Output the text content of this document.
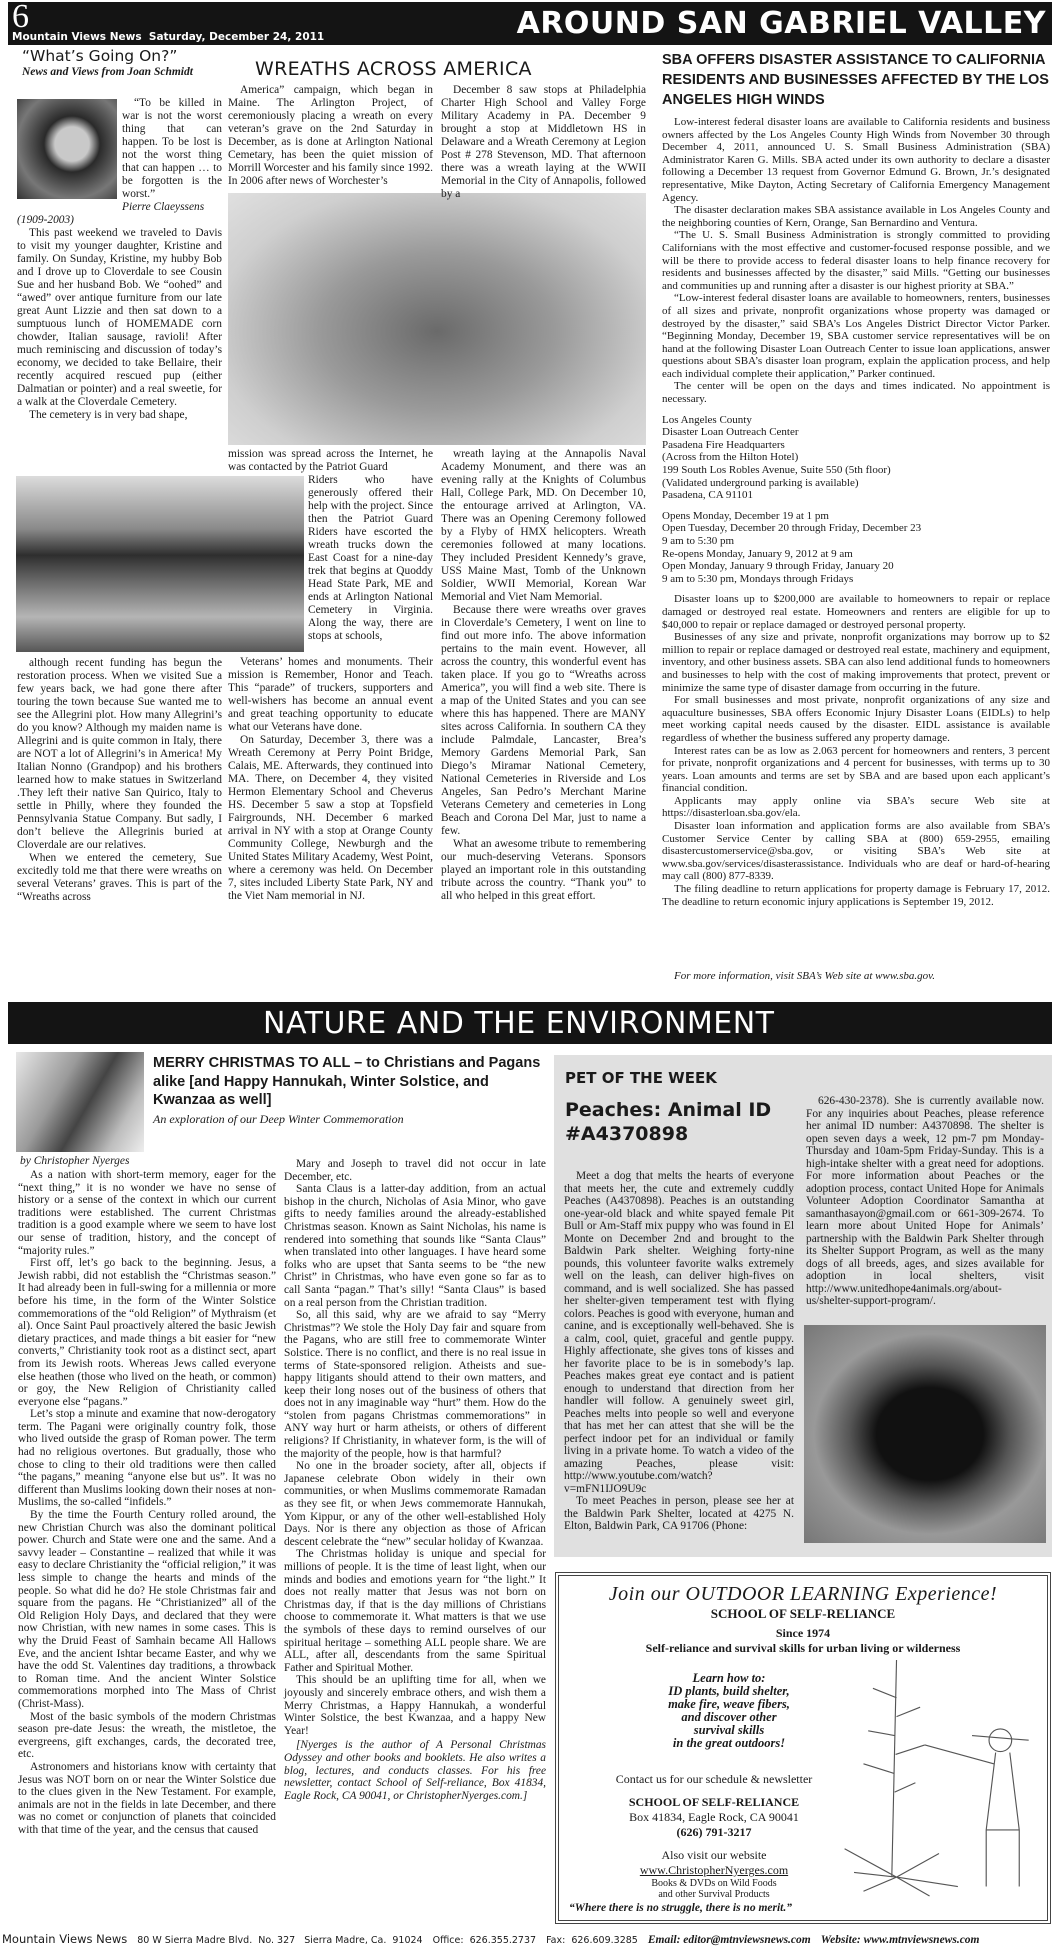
6
Mountain Views News  Saturday, December 24, 2011	AROUND SAN GABRIEL VALLEY
“What’s Going On?”
News and Views from Joan Schmidt

“To be killed in war is not the worst thing that can happen. To be lost is not the worst thing that can happen … to be forgotten is the worst.”

Pierre Claeyssens

(1909-2003)

This past weekend we traveled to Davis to visit my younger daughter, Kristine and family. On Sunday, Kristine, my hubby Bob and I drove up to Cloverdale to see Cousin Sue and her husband Bob. We “oohed” and “awed” over antique furniture from our late great Aunt Lizzie and then sat down to a sumptuous lunch of HOMEMADE corn chowder, Italian sausage, ravioli! After much reminiscing and discussion of today’s economy, we decided to take Bellaire, their recently acquired rescued pup (either Dalmatian or pointer) and a real sweetie, for a walk at the Cloverdale Cemetery.

The cemetery is in very bad shape,

although recent funding has begun the restoration process. When we visited Sue a few years back, we had gone there after touring the town because Sue wanted me to see the Allegrini plot. How many Allegrini’s do you know? Although my maiden name is Allegrini and is quite common in Italy, there are NOT a lot of Allegrini’s in America! My Italian Nonno (Grandpop) and his brothers learned how to make statues in Switzerland .They left their native San Quirico, Italy to settle in Philly, where they founded the Pennsylvania Statue Company. But sadly, I don’t believe the Allegrinis buried at Cloverdale are our relatives.

When we entered the cemetery, Sue excitedly told me that there were wreaths on several Veterans’ graves. This is part of the “Wreaths across

WREATHS ACROSS AMERICA

America” campaign, which began in Maine. The Arlington Project, of ceremoniously placing a wreath on every veteran’s grave on the 2nd Saturday in December, as is done at Arlington National Cemetary, has been the quiet mission of Morrill Worcester and his family since 1992. In 2006 after news of Worchester’s

mission was spread across the Internet, he was contacted by the Patriot Guard

Riders who have generously offered their help with the project. Since then the Patriot Guard Riders have escorted the wreath trucks down the East Coast for a nine-day trek that begins at Quoddy Head State Park, ME and ends at Arlington National Cemetery in Virginia. Along the way, there are stops at schools,

Veterans’ homes and monuments. Their mission is Remember, Honor and Teach. This “parade” of truckers, supporters and well-wishers has become an annual event and great teaching opportunity to educate what our Veterans have done.

On Saturday, December 3, there was a Wreath Ceremony at Perry Point Bridge, Calais, ME. Afterwards, they continued into MA. There, on December 4, they visited Hermon Elementary School and Cheverus HS. December 5 saw a stop at Topsfield Fairgrounds, NH. December 6 marked arrival in NY with a stop at Orange County Community College, Newburgh and the United States Military Academy, West Point, where a ceremony was held. On December 7, sites included Liberty State Park, NY and the Viet Nam memorial in NJ.

December 8 saw stops at Philadelphia Charter High School and Valley Forge Military Academy in PA. December 9 brought a stop at Middletown HS in Delaware and a Wreath Ceremony at Legion Post # 278 Stevenson, MD. That afternoon there was a wreath laying at the WWII Memorial in the City of Annapolis, followed by a

wreath laying at the Annapolis Naval Academy Monument, and there was an evening rally at the Knights of Columbus Hall, College Park, MD. On December 10, the entourage arrived at Arlington, VA. There was an Opening Ceremony followed by a Flyby of HMX helicopters. Wreath ceremonies followed at many locations. They included President Kennedy’s grave, USS Maine Mast, Tomb of the Unknown Soldier, WWII Memorial, Korean War Memorial and Viet Nam Memorial.

Because there were wreaths over graves in Cloverdale’s Cemetery, I went on line to find out more info. The above information pertains to the main event. However, all across the country, this wonderful event has taken place. If you go to “Wreaths across America”, you will find a web site. There is a map of the United States and you can see where this has happened. There are MANY sites across California. In southern CA they include Palmdale, Lancaster, Brea’s Memory Gardens Memorial Park, San Diego’s Miramar National Cemetery, National Cemeteries in Riverside and Los Angeles, San Pedro’s Merchant Marine Veterans Cemetery and cemeteries in Long Beach and Corona Del Mar, just to name a few.

What an awesome tribute to remembering our much-deserving Veterans. Sponsors played an important role in this outstanding tribute across the country. “Thank you” to all who helped in this great effort.

SBA OFFERS DISASTER ASSISTANCE TO CALIFORNIA RESIDENTS AND BUSINESSES AFFECTED BY THE LOS ANGELES HIGH WINDS

Low-interest federal disaster loans are available to California residents and business owners affected by the Los Angeles County High Winds from November 30 through December 4, 2011, announced U. S. Small Business Administration (SBA) Administrator Karen G. Mills. SBA acted under its own authority to declare a disaster following a December 13 request from Governor Edmund G. Brown, Jr.’s designated representative, Mike Dayton, Acting Secretary of California Emergency Management Agency.

The disaster declaration makes SBA assistance available in Los Angeles County and the neighboring counties of Kern, Orange, San Bernardino and Ventura.

“The U. S. Small Business Administration is strongly committed to providing Californians with the most effective and customer-focused response possible, and we will be there to provide access to federal disaster loans to help finance recovery for residents and businesses affected by the disaster,” said Mills. “Getting our businesses and communities up and running after a disaster is our highest priority at SBA.”

“Low-interest federal disaster loans are available to homeowners, renters, businesses of all sizes and private, nonprofit organizations whose property was damaged or destroyed by the disaster,” said SBA’s Los Angeles District Director Victor Parker. “Beginning Monday, December 19, SBA customer service representatives will be on hand at the following Disaster Loan Outreach Center to issue loan applications, answer questions about SBA’s disaster loan program, explain the application process, and help each individual complete their application,” Parker continued.

The center will be open on the days and times indicated. No appointment is necessary.

Los Angeles County
Disaster Loan Outreach Center
Pasadena Fire Headquarters
(Across from the Hilton Hotel)
199 South Los Robles Avenue, Suite 550 (5th floor)
(Validated underground parking is available)
Pasadena, CA 91101
Opens Monday, December 19 at 1 pm
Open Tuesday, December 20 through Friday, December 23
9 am to 5:30 pm
Re-opens Monday, January 9, 2012 at 9 am
Open Monday, January 9 through Friday, January 20
9 am to 5:30 pm, Mondays through Fridays

Disaster loans up to $200,000 are available to homeowners to repair or replace damaged or destroyed real estate. Homeowners and renters are eligible for up to $40,000 to repair or replace damaged or destroyed personal property.

Businesses of any size and private, nonprofit organizations may borrow up to $2 million to repair or replace damaged or destroyed real estate, machinery and equipment, inventory, and other business assets. SBA can also lend additional funds to homeowners and businesses to help with the cost of making improvements that protect, prevent or minimize the same type of disaster damage from occurring in the future.

For small businesses and most private, nonprofit organizations of any size and aquaculture businesses, SBA offers Economic Injury Disaster Loans (EIDLs) to help meet working capital needs caused by the disaster. EIDL assistance is available regardless of whether the business suffered any property damage.

Interest rates can be as low as 2.063 percent for homeowners and renters, 3 percent for private, nonprofit organizations and 4 percent for businesses, with terms up to 30 years. Loan amounts and terms are set by SBA and are based upon each applicant’s financial condition.

Applicants may apply online via SBA’s secure Web site at https://disasterloan.sba.gov/ela.

Disaster loan information and application forms are also available from SBA’s Customer Service Center by calling SBA at (800) 659-2955, emailing disastercustomerservice@sba.gov, or visiting SBA’s Web site at www.sba.gov/services/disasterassistance. Individuals who are deaf or hard-of-hearing may call (800) 877-8339.

The filing deadline to return applications for property damage is February 17, 2012. The deadline to return economic injury applications is September 19, 2012.

For more information, visit SBA’s Web site at www.sba.gov.

NATURE AND THE ENVIRONMENT
MERRY CHRISTMAS TO ALL – to Christians and Pagans alike [and Happy Hannukah, Winter Solstice, and Kwanzaa as well]
An exploration of our Deep Winter Commemoration
by Christopher Nyerges

As a nation with short-term memory, eager for the “next thing,” it is no wonder we have no sense of history or a sense of the context in which our current traditions were established. The current Christmas tradition is a good example where we seem to have lost our sense of tradition, history, and the concept of “majority rules.”

First off, let’s go back to the beginning. Jesus, a Jewish rabbi, did not establish the “Christmas season.” It had already been in full-swing for a millennia or more before his time, in the form of the Winter Solstice commemorations of the “old Religion” of Mythraism (et al). Once Saint Paul proactively altered the basic Jewish dietary practices, and made things a bit easier for “new converts,” Christianity took root as a distinct sect, apart from its Jewish roots. Whereas Jews called everyone else heathen (those who lived on the heath, or common) or goy, the New Religion of Christianity called everyone else “pagans.”

Let’s stop a minute and examine that now-derogatory term. The Pagani were originally country folk, those who lived outside the grasp of Roman power. The term had no religious overtones. But gradually, those who chose to cling to their old traditions were then called “the pagans,” meaning “anyone else but us”. It was no different than Muslims looking down their noses at non-Muslims, the so-called “infidels.”

By the time the Fourth Century rolled around, the new Christian Church was also the dominant political power. Church and State were one and the same. And a savvy leader – Constantine – realized that while it was easy to declare Christianity the “official religion,” it was less simple to change the hearts and minds of the people. So what did he do? He stole Christmas fair and square from the pagans. He “Christianized” all of the Old Religion Holy Days, and declared that they were now Christian, with new names in some cases. This is why the Druid Feast of Samhain became All Hallows Eve, and the ancient Ishtar became Easter, and why we have the odd St. Valentines day traditions, a throwback to Roman time. And the ancient Winter Solstice commemorations morphed into The Mass of Christ (Christ-Mass).

Most of the basic symbols of the modern Christmas season pre-date Jesus: the wreath, the mistletoe, the evergreens, gift exchanges, cards, the decorated tree, etc.

Astronomers and historians know with certainty that Jesus was NOT born on or near the Winter Solstice due to the clues given in the New Testament. For example, animals are not in the fields in late December, and there was no comet or conjunction of planets that coincided with that time of the year, and the census that caused

Mary and Joseph to travel did not occur in late December, etc.

Santa Claus is a latter-day addition, from an actual bishop in the church, Nicholas of Asia Minor, who gave gifts to needy families around the already-established Christmas season. Known as Saint Nicholas, his name is rendered into something that sounds like “Santa Claus” when translated into other languages. I have heard some folks who are upset that Santa seems to be “the new Christ” in Christmas, who have even gone so far as to call Santa “pagan.” That’s silly! “Santa Claus” is based on a real person from the Christian tradition.

So, all this said, why are we afraid to say “Merry Christmas”? We stole the Holy Day fair and square from the Pagans, who are still free to commemorate Winter Solstice. There is no conflict, and there is no real issue in terms of State-sponsored religion. Atheists and sue-happy litigants should attend to their own matters, and keep their long noses out of the business of others that does not in any imaginable way “hurt” them. How do the “stolen from pagans Christmas commemorations” in ANY way hurt or harm atheists, or others of different religions? If Christianity, in whatever form, is the will of the majority of the people, how is that harmful?

No one in the broader society, after all, objects if Japanese celebrate Obon widely in their own communities, or when Muslims commemorate Ramadan as they see fit, or when Jews commemorate Hannukah, Yom Kippur, or any of the other well-established Holy Days. Nor is there any objection as those of African descent celebrate the “new” secular holiday of Kwanzaa.

The Christmas holiday is unique and special for millions of people. It is the time of least light, when our minds and bodies and emotions yearn for “the light.” It does not really matter that Jesus was not born on Christmas day, if that is the day millions of Christians choose to commemorate it. What matters is that we use the symbols of these days to remind ourselves of our spiritual heritage – something ALL people share. We are ALL, after all, descendants from the same Spiritual Father and Spiritual Mother.

This should be an uplifting time for all, when we joyously and sincerely embrace others, and wish them a Merry Christmas, a Happy Hannukah, a wonderful Winter Solstice, the best Kwanzaa, and a happy New Year!

[Nyerges is the author of A Personal Christmas Odyssey and other books and booklets. He also writes a blog, lectures, and conducts classes. For his free newsletter, contact School of Self-reliance, Box 41834, Eagle Rock, CA 90041, or ChristopherNyerges.com.]

PET OF THE WEEK
Peaches: Animal ID #A4370898

Meet a dog that melts the hearts of everyone that meets her, the cute and extremely cuddly Peaches (A4370898). Peaches is an outstanding one-year-old black and white spayed female Pit Bull or Am-Staff mix puppy who was found in El Monte on December 2nd and brought to the Baldwin Park shelter. Weighing forty-nine pounds, this volunteer favorite walks extremely well on the leash, can deliver high-fives on command, and is well socialized. She has passed her shelter-given temperament test with flying colors. Peaches is good with everyone, human and canine, and is exceptionally well-behaved. She is a calm, cool, quiet, graceful and gentle puppy. Highly affectionate, she gives tons of kisses and her favorite place to be is in somebody’s lap. Peaches makes great eye contact and is patient enough to understand that direction from her handler will follow. A genuinely sweet girl, Peaches melts into people so well and everyone that has met her can attest that she will be the perfect indoor pet for an individual or family living in a private home. To watch a video of the amazing Peaches, please visit: http://www.youtube.com/watch?v=mFN1IJO9U9c

To meet Peaches in person, please see her at the Baldwin Park Shelter, located at 4275 N. Elton, Baldwin Park, CA 91706 (Phone:

626-430-2378). She is currently available now. For any inquiries about Peaches, please reference her animal ID number: A4370898. The shelter is open seven days a week, 12 pm-7 pm Monday-Thursday and 10am-5pm Friday-Sunday. This is a high-intake shelter with a great need for adoptions. For more information about Peaches or the adoption process, contact United Hope for Animals Volunteer Adoption Coordinator Samantha at samanthasayon@gmail.com or 661-309-2674. To learn more about United Hope for Animals’ partnership with the Baldwin Park Shelter through its Shelter Support Program, as well as the many dogs of all breeds, ages, and sizes available for adoption in local shelters, visit http://www.unitedhope4animals.org/about-us/shelter-support-program/.

Join our OUTDOOR LEARNING Experience!
SCHOOL OF SELF-RELIANCE
Since 1974
Self-reliance and survival skills for urban living or wilderness
Learn how to:
ID plants, build shelter,
make fire, weave fibers,
and discover other
survival skills
in the great outdoors!
Contact us for our schedule & newsletter
SCHOOL OF SELF-RELIANCE
Box 41834, Eagle Rock, CA 90041
(626) 791-3217
Also visit our website
www.ChristopherNyerges.com
Books & DVDs on Wild Foods
and other Survival Products
“Where there is no struggle, there is no merit.”
Mountain Views News 80 W Sierra Madre Blvd.  No. 327   Sierra Madre, Ca.  91024 Office:  626.355.2737 Fax:  626.609.3285 Email: editor@mtnviewsnews.com Website: www.mtnviewsnews.com
